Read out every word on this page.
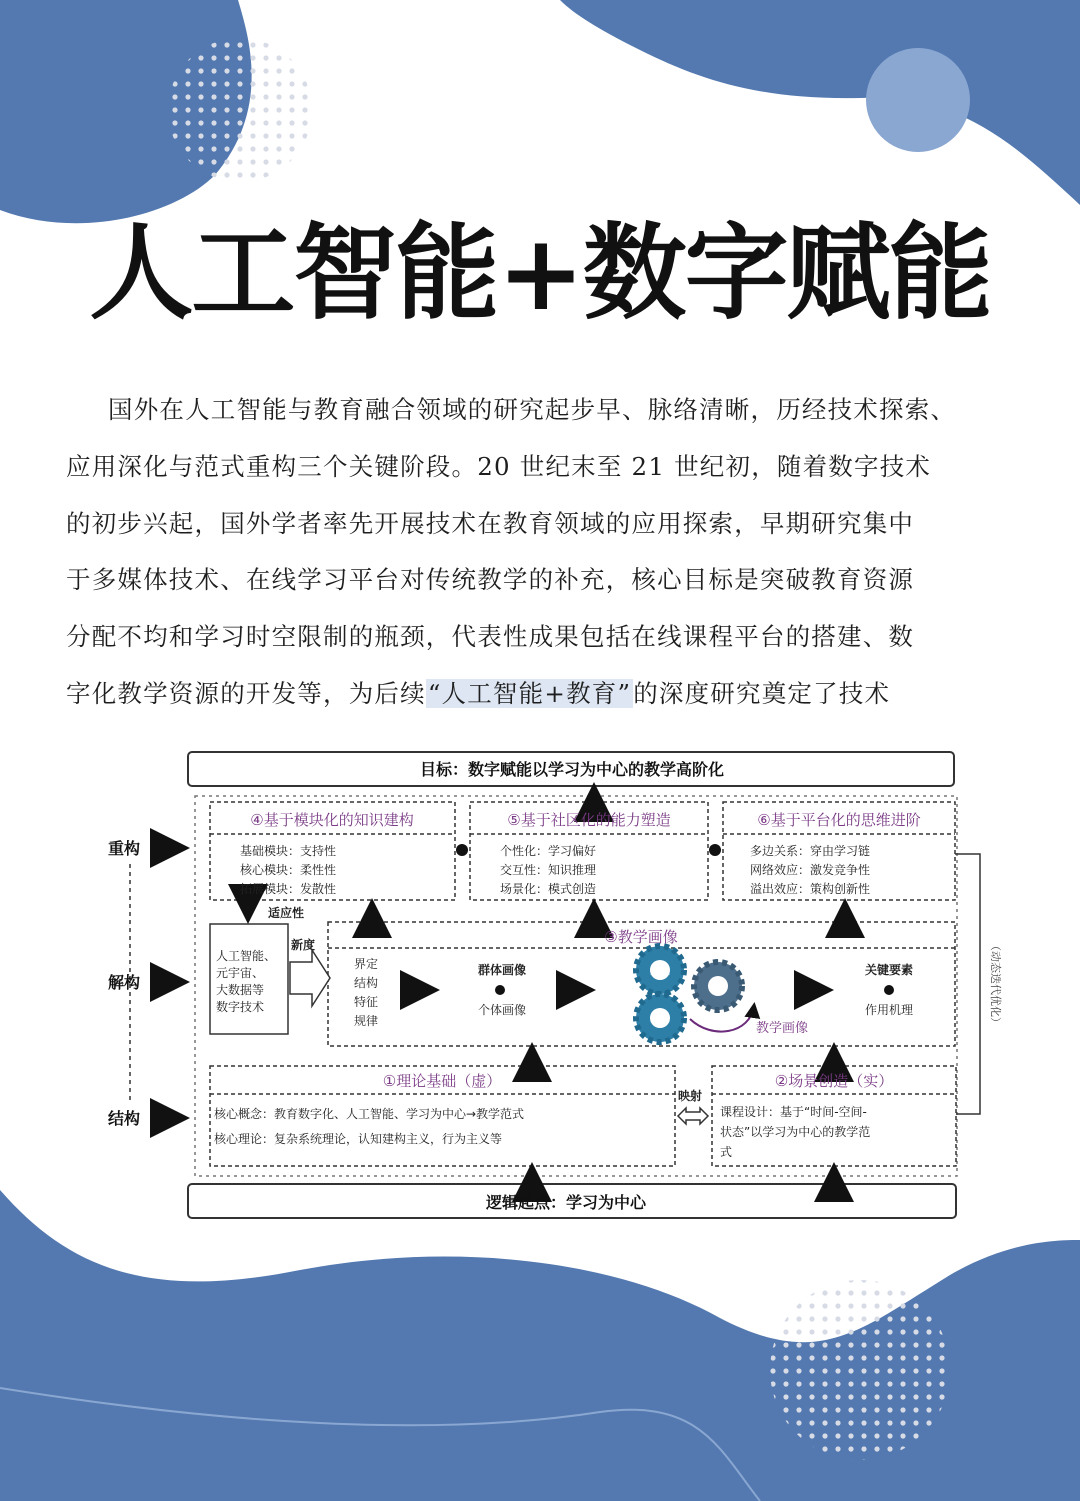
人工智能+数字赋能

国外在人工智能与教育融合领域的研究起步早、脉络清晰，历经技术探索、

应用深化与范式重构三个关键阶段。20 世纪末至 21 世纪初，随着数字技术

的初步兴起，国外学者率先开展技术在教育领域的应用探索，早期研究集中

于多媒体技术、在线学习平台对传统教学的补充，核心目标是突破教育资源

分配不均和学习时空限制的瓶颈，代表性成果包括在线课程平台的搭建、数

字化教学资源的开发等，为后续“人工智能+教育”的深度研究奠定了技术

目标：数字赋能以学习为中心的教学高阶化
重构
解构
结构
④基于模块化的知识建构	⑤基于社区化的能力塑造	⑥基于平台化的思维进阶
③教学画像
①理论基础（虚）	②场景创造（实）
教学画像
基础模块：支持性
核心模块：柔性性
拓展模块：发散性
个性化：学习偏好
交互性：知识推理
场景化：模式创造
多边关系：穿由学习链
网络效应：激发竞争性
溢出效应：策构创新性
适应性
新度
人工智能、
元宇宙、
大数据等
数字技术
界定
结构
特征
规律
群体画像
个体画像
关键要素
作用机理
核心概念：教育数字化、人工智能、学习为中心→教学范式
核心理论：复杂系统理论，认知建构主义，行为主义等
映射
课程设计：基于“时间-空间-
状态”以学习为中心的教学范
式
知识
能力
思维	（动态迭代优化）
逻辑起点：学习为中心
